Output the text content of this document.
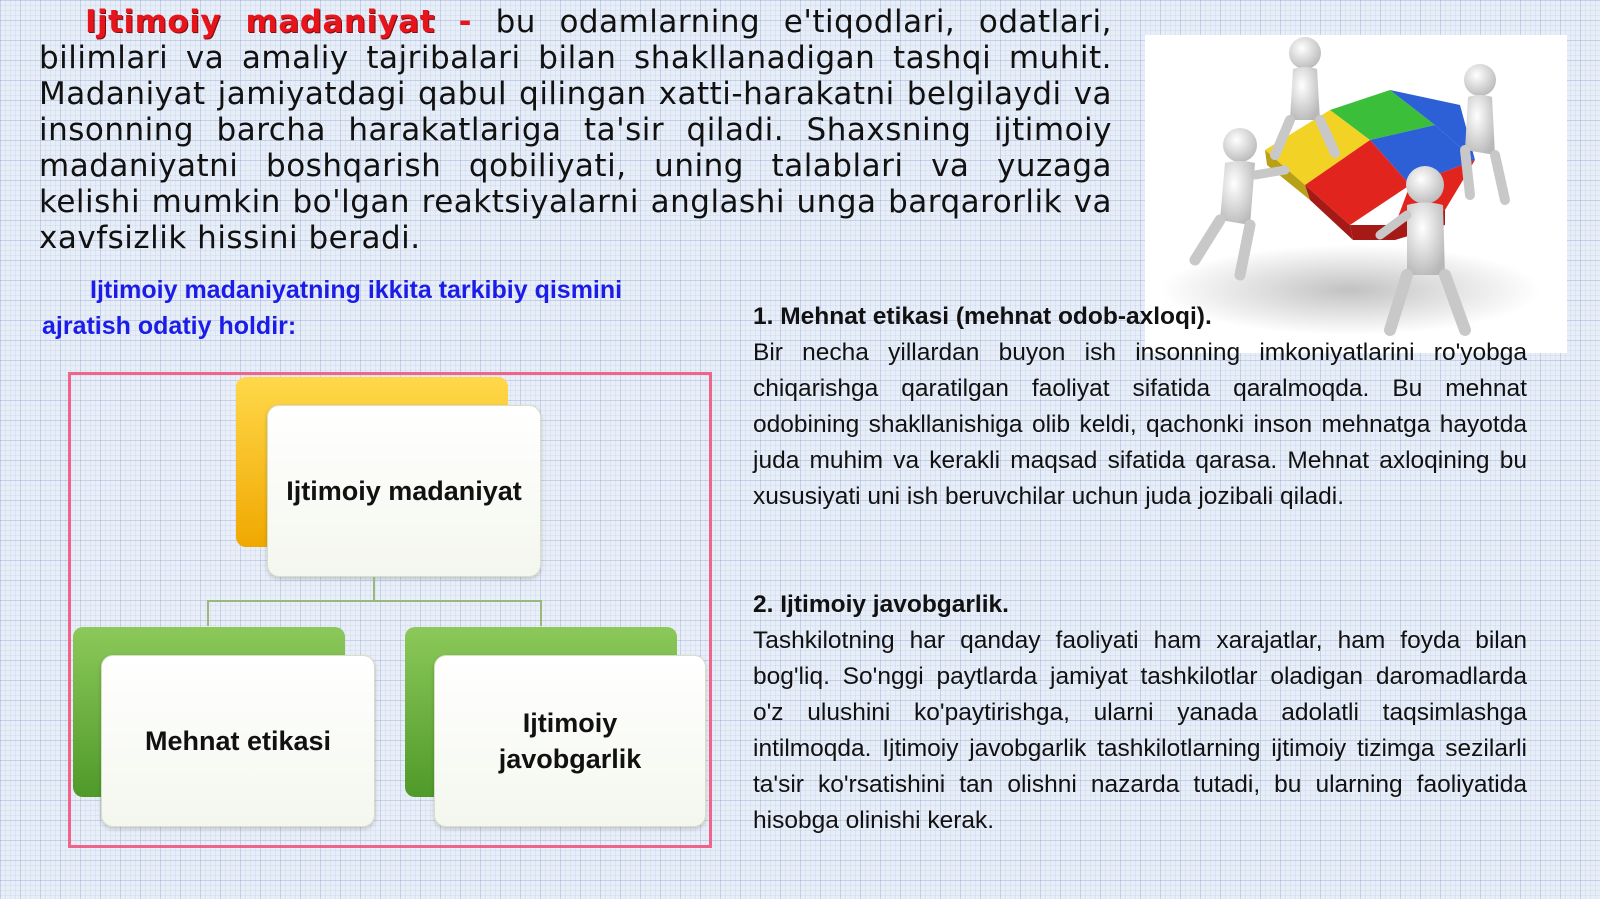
Ijtimoiy madaniyat - bu odamlarning e'tiqodlari, odatlari, bilimlari va amaliy tajribalari bilan shakllanadigan tashqi muhit. Madaniyat jamiyatdagi qabul qilingan xatti-harakatni belgilaydi va insonning barcha harakatlariga ta'sir qiladi. Shaxsning ijtimoiy madaniyatni boshqarish qobiliyati, uning talablari va yuzaga kelishi mumkin bo'lgan reaktsiyalarni anglashi unga barqarorlik va xavfsizlik hissini beradi.

Ijtimoiy madaniyatning ikkita tarkibiy qismini ajratish odatiy holdir:

Ijtimoiy madaniyat
Mehnat etikasi
Ijtimoiy javobgarlik
1. Mehnat etikasi (mehnat odob-axloqi).

Bir necha yillardan buyon ish insonning imkoniyatlarini ro'yobga chiqarishga qaratilgan faoliyat sifatida qaralmoqda. Bu mehnat odobining shakllanishiga olib keldi, qachonki inson mehnatga hayotda juda muhim va kerakli maqsad sifatida qarasa. Mehnat axloqining bu xususiyati uni ish beruvchilar uchun juda jozibali qiladi.

2. Ijtimoiy javobgarlik.

Tashkilotning har qanday faoliyati ham xarajatlar, ham foyda bilan bog'liq. So'nggi paytlarda jamiyat tashkilotlar oladigan daromadlarda o'z ulushini ko'paytirishga, ularni yanada adolatli taqsimlashga intilmoqda. Ijtimoiy javobgarlik tashkilotlarning ijtimoiy tizimga sezilarli ta'sir ko'rsatishini tan olishni nazarda tutadi, bu ularning faoliyatida hisobga olinishi kerak.
